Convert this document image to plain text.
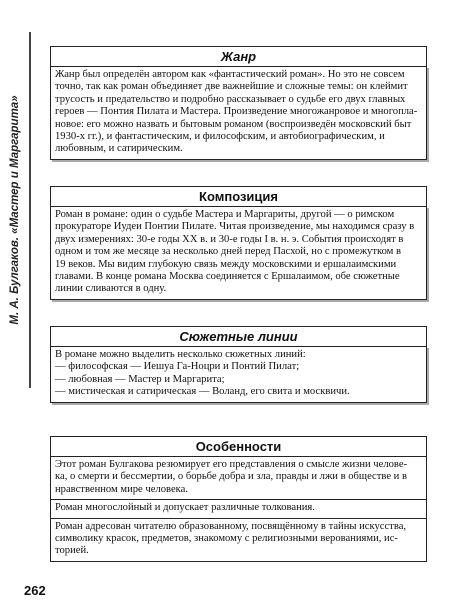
М. А. Булгаков. «Мастер и Маргарита»
Жанр
Жанр был определён автором как «фантастический роман». Но это не совсем
точно, так как роман объединяет две важнейшие и сложные темы: он клеймит
трусость и предательство и подробно рассказывает о судьбе его двух главных
героев — Понтия Пилата и Мастера. Произведение многожанровое и многопла-
новое: его можно назвать и бытовым романом (воспроизведён московский быт
1930-х гг.), и фантастическим, и философским, и автобиографическим, и
любовным, и сатирическим.
Композиция
Роман в романе: один о судьбе Мастера и Маргариты, другой — о римском
прокураторе Иудеи Понтии Пилате. Читая произведение, мы находимся сразу в
двух измерениях: 30-е годы XX в. и 30-е годы I в. н. э. События происходят в
одном и том же месяце за несколько дней перед Пасхой, но с промежутком в
19 веков. Мы видим глубокую связь между московскими и ершалаимскими
главами. В конце романа Москва соединяется с Ершалаимом, обе сюжетные
линии сливаются в одну.
Сюжетные линии
В романе можно выделить несколько сюжетных линий:
— философская — Иешуа Га-Ноцри и Понтий Пилат;
— любовная — Мастер и Маргарита;
— мистическая и сатирическая — Воланд, его свита и москвичи.
Особенности
Этот роман Булгакова резюмирует его представления о смысле жизни челове-
ка, о смерти и бессмертии, о борьбе добра и зла, правды и лжи в обществе и в
нравственном мире человека.
Роман многослойный и допускает различные толкования.
Роман адресован читателю образованному, посвящённому в тайны искусства,
символику красок, предметов, знакомому с религиозными верованиями, ис-
торией.
262
